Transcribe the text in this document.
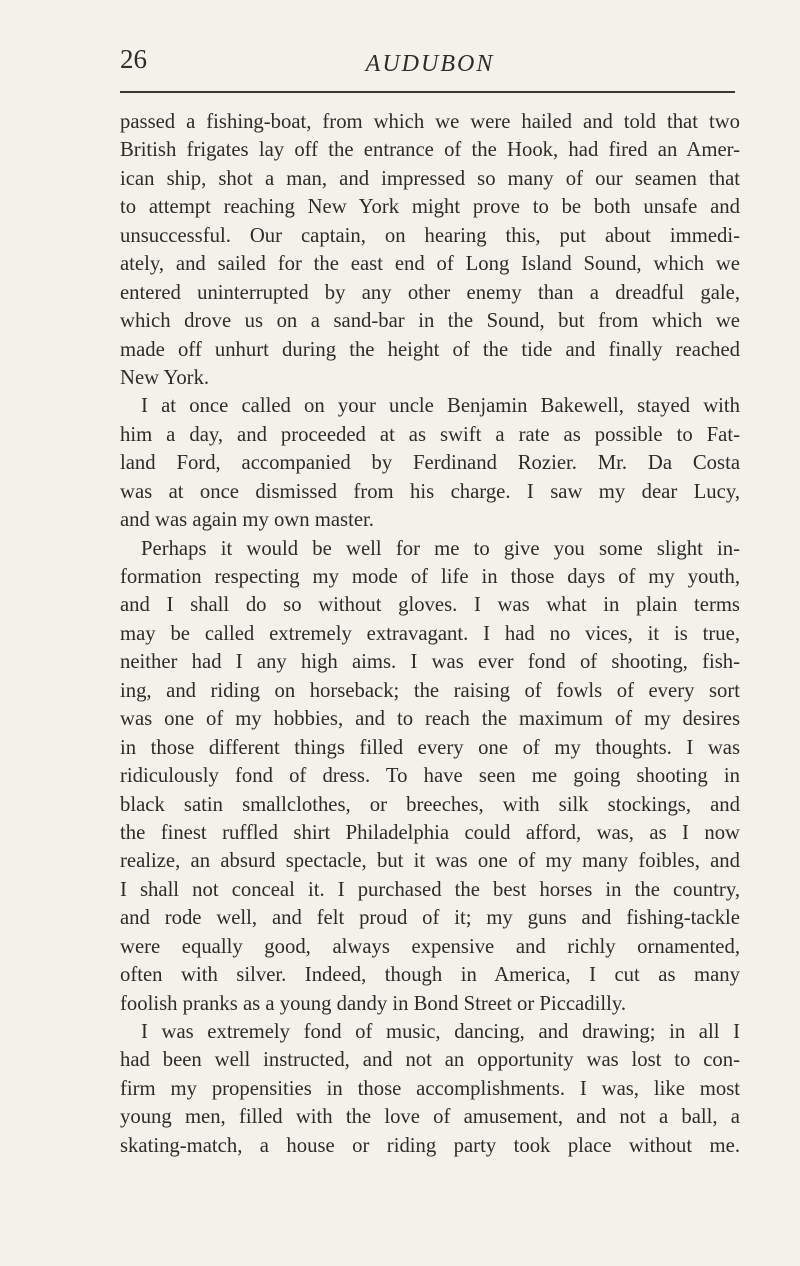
26	AUDUBON
passed a fishing-boat, from which we were hailed and told that two
British frigates lay off the entrance of the Hook, had fired an Amer-
ican ship, shot a man, and impressed so many of our seamen that
to attempt reaching New York might prove to be both unsafe and
unsuccessful. Our captain, on hearing this, put about immedi-
ately, and sailed for the east end of Long Island Sound, which we
entered uninterrupted by any other enemy than a dreadful gale,
which drove us on a sand-bar in the Sound, but from which we
made off unhurt during the height of the tide and finally reached
New York.
I at once called on your uncle Benjamin Bakewell, stayed with
him a day, and proceeded at as swift a rate as possible to Fat-
land Ford, accompanied by Ferdinand Rozier. Mr. Da Costa
was at once dismissed from his charge. I saw my dear Lucy,
and was again my own master.
Perhaps it would be well for me to give you some slight in-
formation respecting my mode of life in those days of my youth,
and I shall do so without gloves. I was what in plain terms
may be called extremely extravagant. I had no vices, it is true,
neither had I any high aims. I was ever fond of shooting, fish-
ing, and riding on horseback; the raising of fowls of every sort
was one of my hobbies, and to reach the maximum of my desires
in those different things filled every one of my thoughts. I was
ridiculously fond of dress. To have seen me going shooting in
black satin smallclothes, or breeches, with silk stockings, and
the finest ruffled shirt Philadelphia could afford, was, as I now
realize, an absurd spectacle, but it was one of my many foibles, and
I shall not conceal it. I purchased the best horses in the country,
and rode well, and felt proud of it; my guns and fishing-tackle
were equally good, always expensive and richly ornamented,
often with silver. Indeed, though in America, I cut as many
foolish pranks as a young dandy in Bond Street or Piccadilly.
I was extremely fond of music, dancing, and drawing; in all I
had been well instructed, and not an opportunity was lost to con-
firm my propensities in those accomplishments. I was, like most
young men, filled with the love of amusement, and not a ball, a
skating-match, a house or riding party took place without me.
